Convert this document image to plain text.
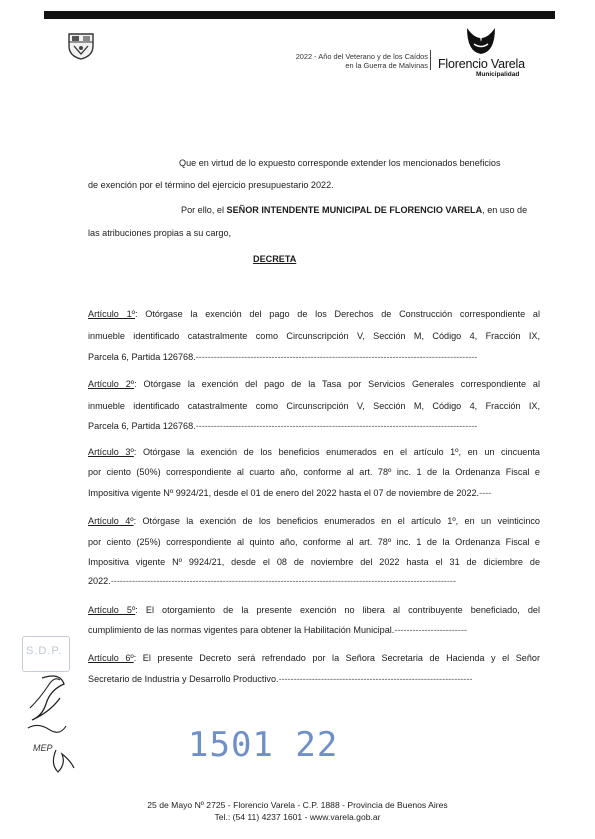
2022 - Año del Veterano y de los Caídos
en la Guerra de Malvinas Florencio Varela
Municipalidad
Que en virtud de lo expuesto corresponde extender los mencionados beneficios
de exención por el término del ejercicio presupuestario 2022.
Por ello, el SEÑOR INTENDENTE MUNICIPAL DE FLORENCIO VARELA, en uso de
las atribuciones propias a su cargo,
DECRETA
Artículo 1º: Otórgase la exención del pago de los Derechos de Construcción correspondiente al
inmueble identificado catastralmente como Circunscripción V, Sección M, Código 4, Fracción IX,
Parcela 6, Partida 126768.---------------------------------------------------------------------------------------------
Artículo 2º: Otórgase la exención del pago de la Tasa por Servicios Generales correspondiente al
inmueble identificado catastralmente como Circunscripción V, Sección M, Código 4, Fracción IX,
Parcela 6, Partida 126768.---------------------------------------------------------------------------------------------
Artículo 3º: Otórgase la exención de los beneficios enumerados en el artículo 1º, en un cincuenta
por ciento (50%) correspondiente al cuarto año, conforme al art. 78º inc. 1 de la Ordenanza Fiscal e
Impositiva vigente Nº 9924/21, desde el 01 de enero del 2022 hasta el 07 de noviembre de 2022.----
Artículo 4º: Otórgase la exención de los beneficios enumerados en el artículo 1º, en un veinticinco
por ciento (25%) correspondiente al quinto año, conforme al art. 78º inc. 1 de la Ordenanza Fiscal e
Impositiva vigente Nº 9924/21, desde el 08 de noviembre del 2022 hasta el 31 de diciembre de
2022.------------------------------------------------------------------------------------------------------------------
Artículo 5º: El otorgamiento de la presente exención no libera al contribuyente beneficiado, del
cumplimiento de las normas vigentes para obtener la Habilitación Municipal.------------------------
Artículo 6º: El presente Decreto será refrendado por la Señora Secretaria de Hacienda y el Señor
Secretario de Industria y Desarrollo Productivo.----------------------------------------------------------------
S.D.P.
MEP	1501 22
25 de Mayo Nº 2725 - Florencio Varela - C.P. 1888 - Provincia de Buenos Aires
Tel.: (54 11) 4237 1601 - www.varela.gob.ar
